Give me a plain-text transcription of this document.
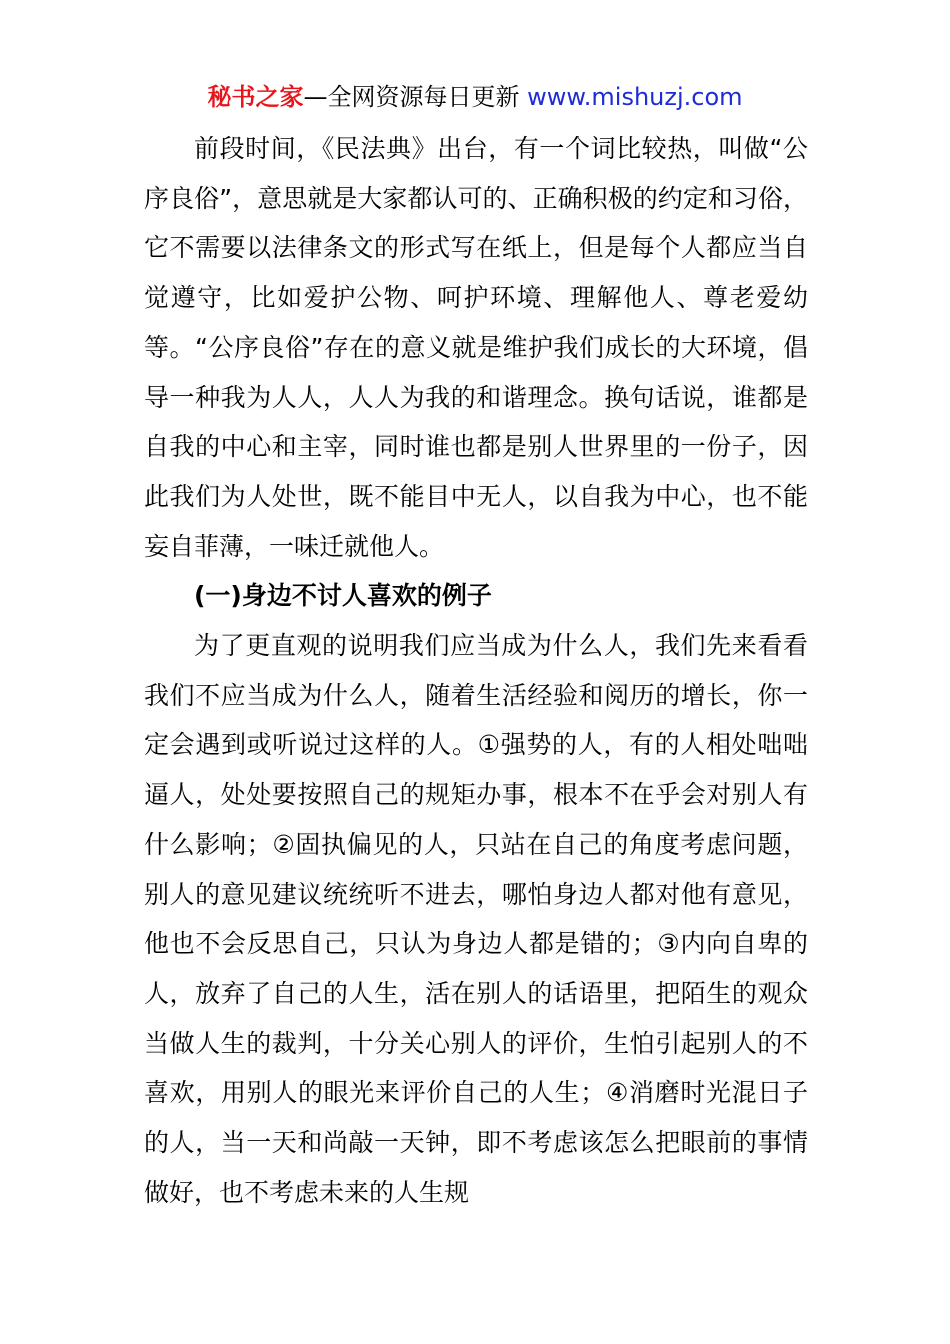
秘书之家—全网资源每日更新 www.mishuzj.com

前段时间，《民法典》出台，有一个词比较热，叫做“公序良俗”，意思就是大家都认可的、正确积极的约定和习俗，它不需要以法律条文的形式写在纸上，但是每个人都应当自觉遵守，比如爱护公物、呵护环境、理解他人、尊老爱幼等。“公序良俗”存在的意义就是维护我们成长的大环境，倡导一种我为人人，人人为我的和谐理念。换句话说，谁都是自我的中心和主宰，同时谁也都是别人世界里的一份子，因此我们为人处世，既不能目中无人，以自我为中心，也不能妄自菲薄，一味迁就他人。

(一)身边不讨人喜欢的例子

为了更直观的说明我们应当成为什么人，我们先来看看我们不应当成为什么人，随着生活经验和阅历的增长，你一定会遇到或听说过这样的人。①强势的人，有的人相处咄咄逼人，处处要按照自己的规矩办事，根本不在乎会对别人有什么影响；②固执偏见的人，只站在自己的角度考虑问题，别人的意见建议统统听不进去，哪怕身边人都对他有意见，他也不会反思自己，只认为身边人都是错的；③内向自卑的人，放弃了自己的人生，活在别人的话语里，把陌生的观众当做人生的裁判，十分关心别人的评价，生怕引起别人的不喜欢，用别人的眼光来评价自己的人生；④消磨时光混日子的人，当一天和尚敲一天钟，即不考虑该怎么把眼前的事情做好，也不考虑未来的人生规
